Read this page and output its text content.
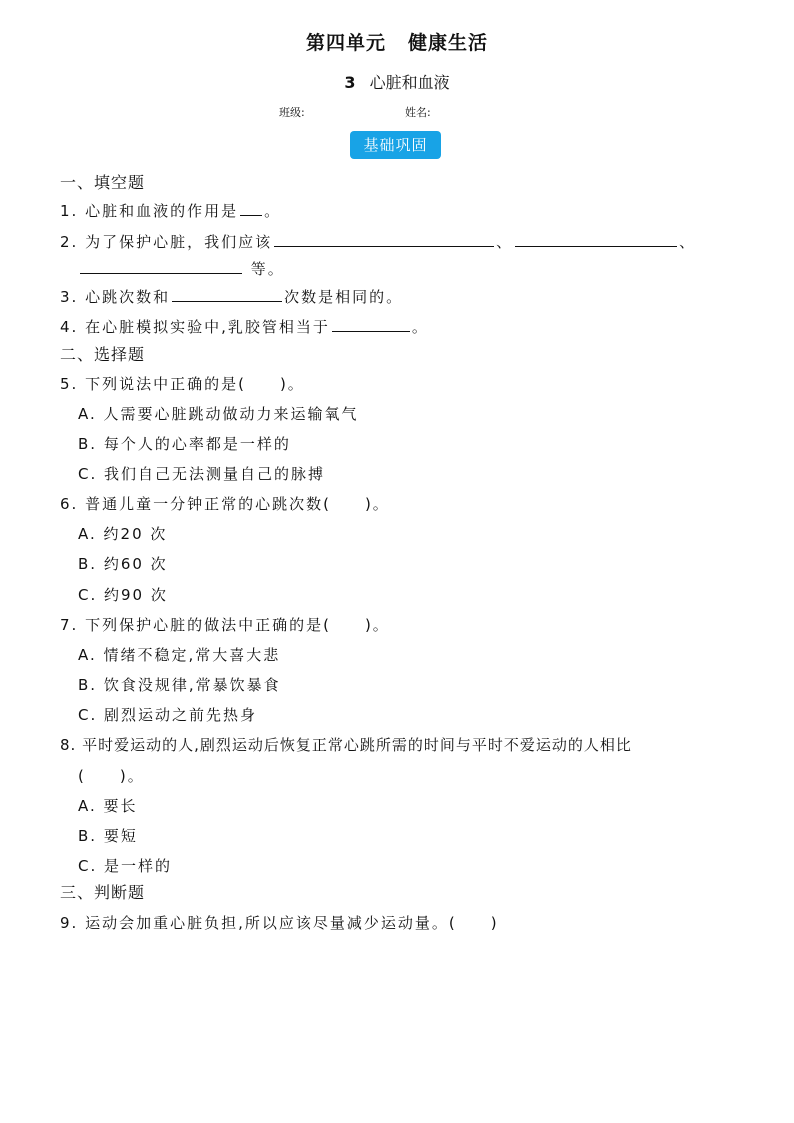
第四单元 健康生活
3 心脏和血液
班级:	姓名:
基础巩固
一、填空题
1. 心脏和血液的作用是 。
2. 为了保护心脏，我们应该	、	、
等。
3. 心跳次数和	次数是相同的。
4. 在心脏模拟实验中,乳胶管相当于	。
二、选择题
5. 下列说法中正确的是(　　)。
A. 人需要心脏跳动做动力来运输氧气
B. 每个人的心率都是一样的
C. 我们自己无法测量自己的脉搏
6. 普通儿童一分钟正常的心跳次数(　　)。
A. 约20 次
B. 约60 次
C. 约90 次
7. 下列保护心脏的做法中正确的是(　　)。
A. 情绪不稳定,常大喜大悲
B. 饮食没规律,常暴饮暴食
C. 剧烈运动之前先热身
8. 平时爱运动的人,剧烈运动后恢复正常心跳所需的时间与平时不爱运动的人相比
(　　)。
A. 要长
B. 要短
C. 是一样的
三、判断题
9. 运动会加重心脏负担,所以应该尽量减少运动量。(　　)
